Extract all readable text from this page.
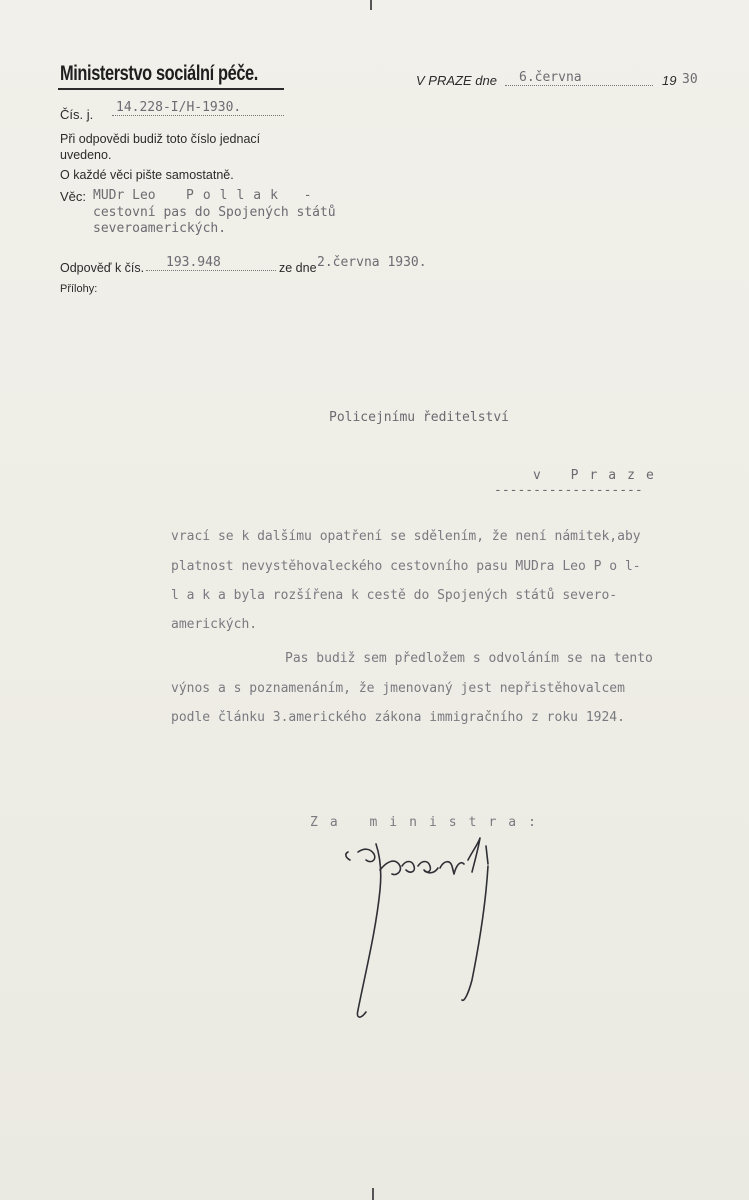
Ministerstvo sociální péče.	V PRAZE dne	6.června	19 30
Čís. j.	14.228-I/H-1930.
Při odpovědi budiž toto číslo jednací
uvedeno.
O každé věci pište samostatně.
Věc: MUDr Leo Pollak -
cestovní pas do Spojených států
severoamerických.
Odpověď k čís.	193.948	ze dne 2.června 1930.
Přílohy:
Policejnímu ředitelství
v Praze
-------------------
vrací se k dalšímu opatření se sdělením, že není námitek,aby
platnost nevystěhovaleckého cestovního pasu MUDra Leo P o l-
l a k a byla rozšířena k cestě do Spojených států severo-
amerických.
Pas budiž sem předložem s odvoláním se na tento
výnos a s poznamenáním, že jmenovaný jest nepřistěhovalcem
podle článku 3.amerického zákona immigračního z roku 1924.
Za ministra:
